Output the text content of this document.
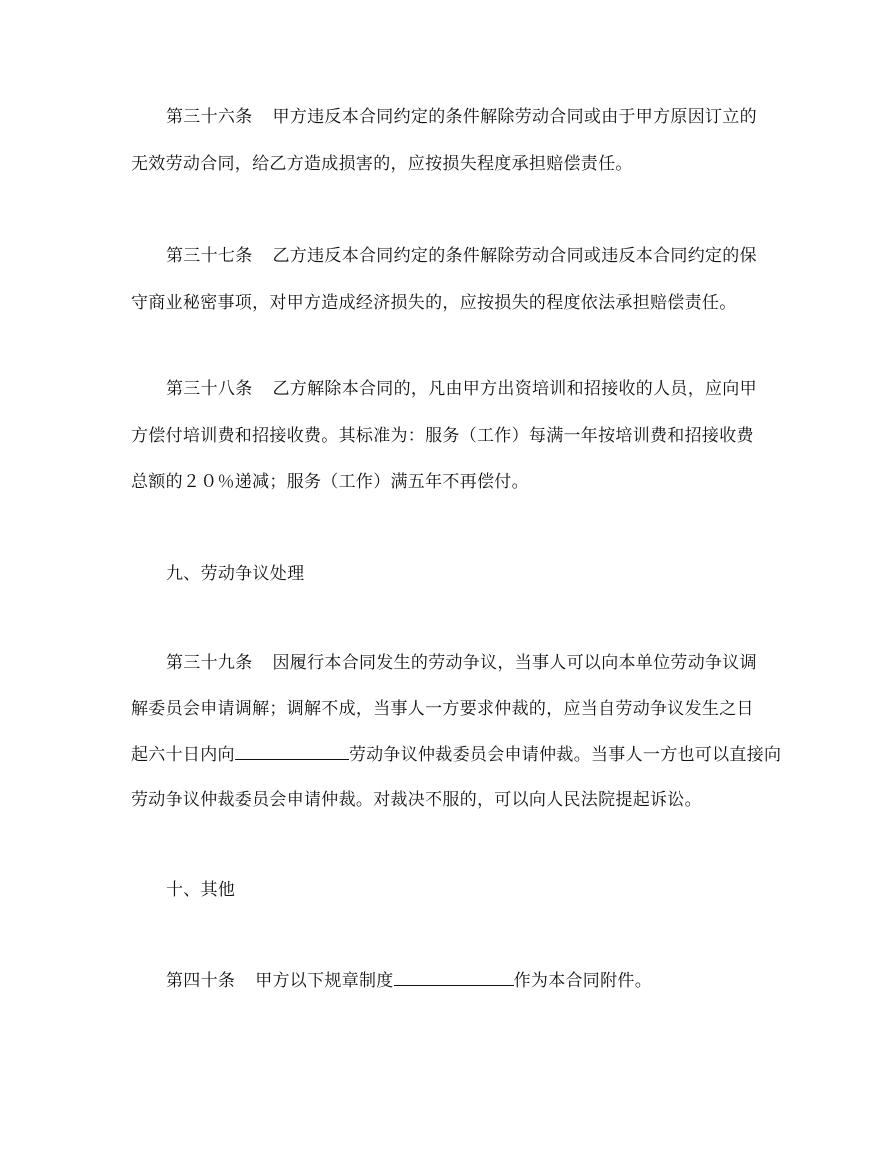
第三十六条 甲方违反本合同约定的条件解除劳动合同或由于甲方原因订立的
无效劳动合同，给乙方造成损害的，应按损失程度承担赔偿责任。
第三十七条 乙方违反本合同约定的条件解除劳动合同或违反本合同约定的保
守商业秘密事项，对甲方造成经济损失的，应按损失的程度依法承担赔偿责任。
第三十八条 乙方解除本合同的，凡由甲方出资培训和招接收的人员，应向甲
方偿付培训费和招接收费。其标准为：服务（工作）每满一年按培训费和招接收费
总额的２０％递减；服务（工作）满五年不再偿付。
九、劳动争议处理
第三十九条 因履行本合同发生的劳动争议，当事人可以向本单位劳动争议调
解委员会申请调解；调解不成，当事人一方要求仲裁的，应当自劳动争议发生之日
起六十日内向	劳动争议仲裁委员会申请仲裁。当事人一方也可以直接向
劳动争议仲裁委员会申请仲裁。对裁决不服的，可以向人民法院提起诉讼。
十、其他
第四十条 甲方以下规章制度	作为本合同附件。
